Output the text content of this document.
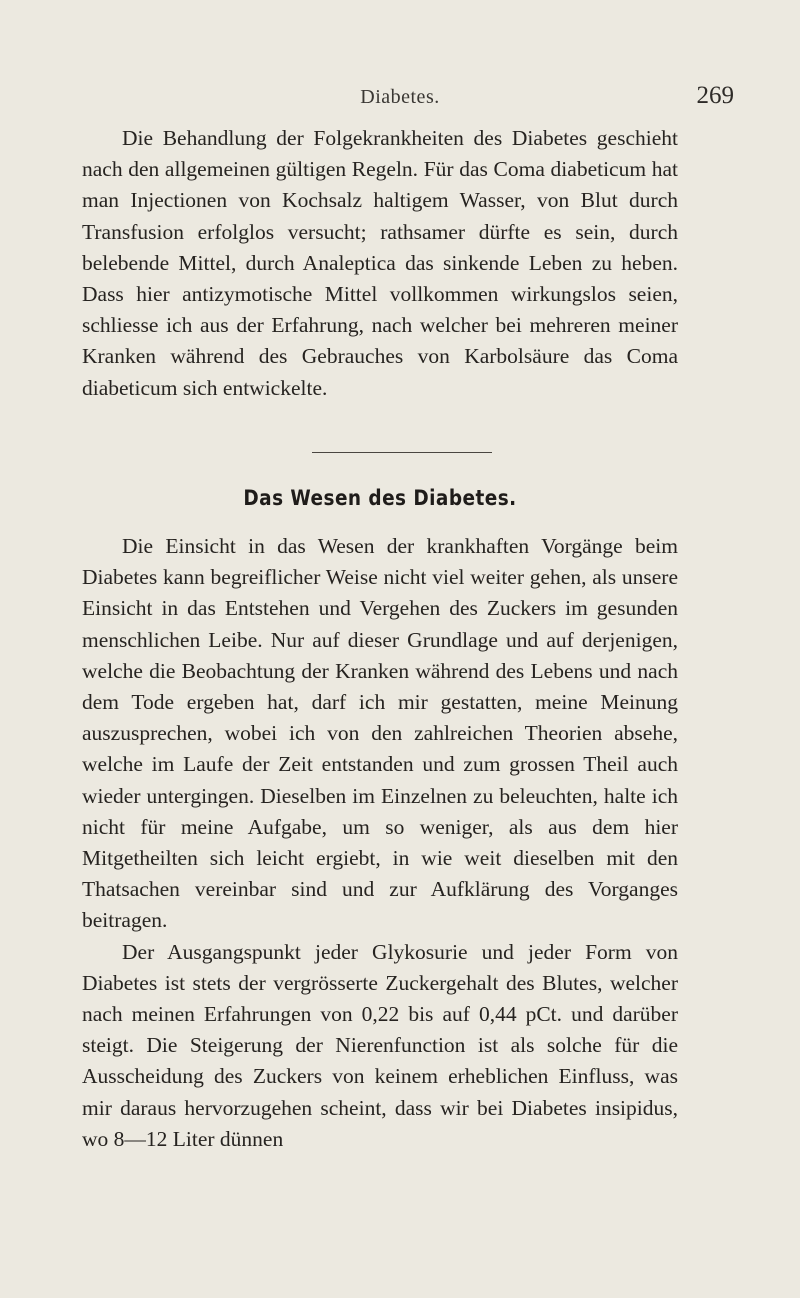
Diabetes.	269

Die Behandlung der Folgekrankheiten des Diabetes geschieht nach den allgemeinen gültigen Regeln. Für das Coma diabeticum hat man Injectionen von Kochsalz haltigem Wasser, von Blut durch Transfusion erfolglos versucht; rathsamer dürfte es sein, durch belebende Mittel, durch Analeptica das sinkende Leben zu heben. Dass hier antizymotische Mittel vollkommen wirkungslos seien, schliesse ich aus der Erfahrung, nach welcher bei mehreren meiner Kranken während des Gebrauches von Karbolsäure das Coma diabeticum sich entwickelte.

Das Wesen des Diabetes.

Die Einsicht in das Wesen der krankhaften Vorgänge beim Diabetes kann begreiflicher Weise nicht viel weiter gehen, als unsere Einsicht in das Entstehen und Vergehen des Zuckers im gesunden menschlichen Leibe. Nur auf dieser Grundlage und auf derjenigen, welche die Beobachtung der Kranken während des Lebens und nach dem Tode ergeben hat, darf ich mir gestatten, meine Meinung auszusprechen, wobei ich von den zahlreichen Theorien absehe, welche im Laufe der Zeit entstanden und zum grossen Theil auch wieder untergingen. Dieselben im Einzelnen zu beleuchten, halte ich nicht für meine Aufgabe, um so weniger, als aus dem hier Mitgetheilten sich leicht ergiebt, in wie weit dieselben mit den Thatsachen vereinbar sind und zur Aufklärung des Vorganges beitragen.

Der Ausgangspunkt jeder Glykosurie und jeder Form von Diabetes ist stets der vergrösserte Zuckergehalt des Blutes, welcher nach meinen Erfahrungen von 0,22 bis auf 0,44 pCt. und darüber steigt. Die Steigerung der Nierenfunction ist als solche für die Ausscheidung des Zuckers von keinem erheblichen Einfluss, was mir daraus hervorzugehen scheint, dass wir bei Diabetes insipidus, wo 8—12 Liter dünnen
